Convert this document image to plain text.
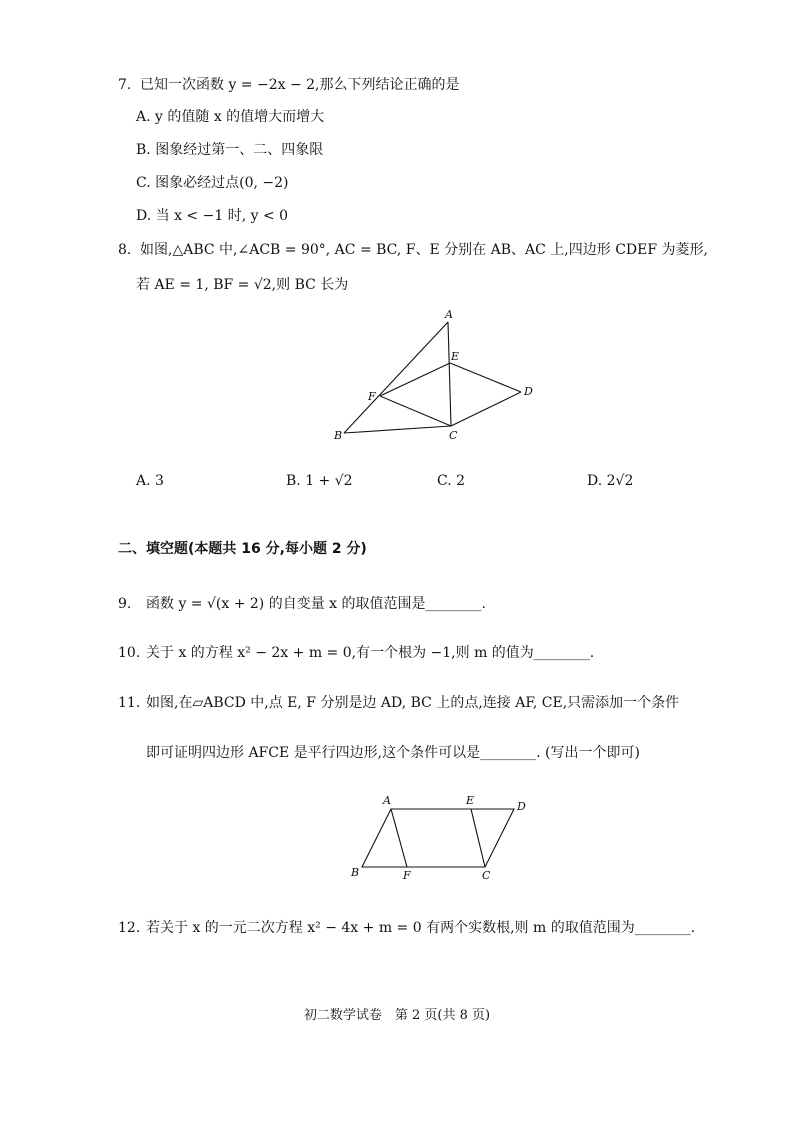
7. 已知一次函数 y = −2x − 2,那么下列结论正确的是
A. y 的值随 x 的值增大而增大
B. 图象经过第一、二、四象限
C. 图象必经过点(0, −2)
D. 当 x < −1 时, y < 0
8. 如图,△ABC 中,∠ACB = 90°, AC = BC, F、E 分别在 AB、AC 上,四边形 CDEF 为菱形,
若 AE = 1, BF = √2,则 BC 长为
A
E
F	D
B	C
A. 3	B. 1 + √2	C. 2	D. 2√2
二、填空题(本题共 16 分,每小题 2 分)
9. 函数 y = √(x + 2) 的自变量 x 的取值范围是________.
10. 关于 x 的方程 x² − 2x + m = 0,有一个根为 −1,则 m 的值为________.
11. 如图,在▱ABCD 中,点 E, F 分别是边 AD, BC 上的点,连接 AF, CE,只需添加一个条件
即可证明四边形 AFCE 是平行四边形,这个条件可以是________. (写出一个即可)
A	E	D
B	F	C
12. 若关于 x 的一元二次方程 x² − 4x + m = 0 有两个实数根,则 m 的取值范围为________.
初二数学试卷　第 2 页(共 8 页)
